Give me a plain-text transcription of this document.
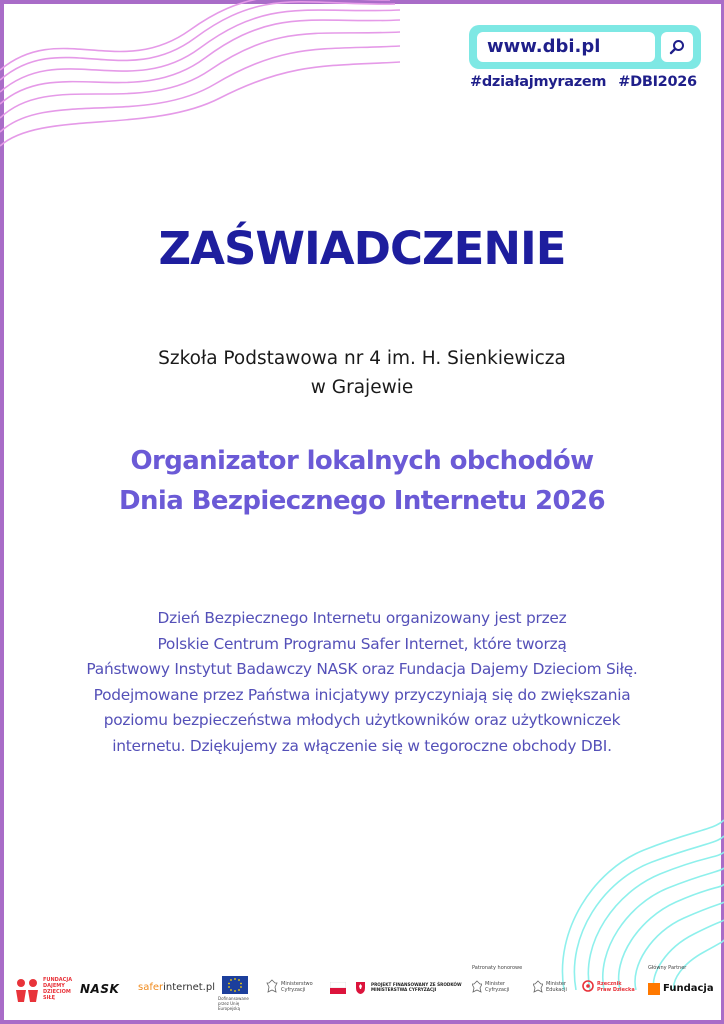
www.dbi.pl
#działajmyrazem #DBI2026
ZAŚWIADCZENIE
Szkoła Podstawowa nr 4 im. H. Sienkiewicza
w Grajewie
Organizator lokalnych obchodów
Dnia Bezpiecznego Internetu 2026
Dzień Bezpiecznego Internetu organizowany jest przez
Polskie Centrum Programu Safer Internet, które tworzą
Państwowy Instytut Badawczy NASK oraz Fundacja Dajemy Dzieciom Siłę.
Podejmowane przez Państwa inicjatywy przyczyniają się do zwiększania
poziomu bezpieczeństwa młodych użytkowników oraz użytkowniczek
internetu. Dziękujemy za włączenie się w tegoroczne obchody DBI.
FUNDACJA
DAJEMY
DZIECIOM
SIŁĘ
NASK saferinternet.pl
Dofinansowane przez Unię Europejską
Ministerstwo
Cyfryzacji
PROJEKT FINANSOWANY ZE ŚRODKÓW
MINISTERSTWA CYFRYZACJI
Patronaty honorowe
Minister
Cyfryzacji
Minister
Edukacji
Rzecznik
Praw Dziecka
Główny Partner
Fundacja
